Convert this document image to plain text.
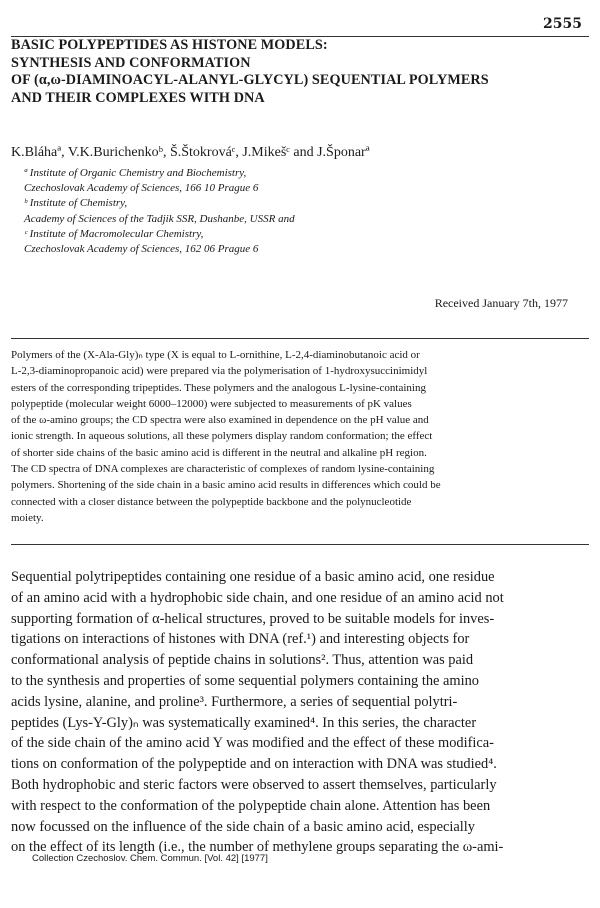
2555
BASIC POLYPEPTIDES AS HISTONE MODELS:
SYNTHESIS AND CONFORMATION
OF (α,ω-DIAMINOACYL-ALANYL-GLYCYL) SEQUENTIAL POLYMERS
AND THEIR COMPLEXES WITH DNA
K.Bláhaª, V.K.Burichenkoᵇ, Š.Štokrováᶜ, J.Mikešᶜ and J.Šponarª
ª Institute of Organic Chemistry and Biochemistry,
Czechoslovak Academy of Sciences, 166 10 Prague 6
ᵇ Institute of Chemistry,
Academy of Sciences of the Tadjik SSR, Dushanbe, USSR and
ᶜ Institute of Macromolecular Chemistry,
Czechoslovak Academy of Sciences, 162 06 Prague 6
Received January 7th, 1977
Polymers of the (X-Ala-Gly)ₙ type (X is equal to L-ornithine, L-2,4-diaminobutanoic acid or
L-2,3-diaminopropanoic acid) were prepared via the polymerisation of 1-hydroxysuccinimidyl
esters of the corresponding tripeptides. These polymers and the analogous L-lysine-containing
polypeptide (molecular weight 6000–12000) were subjected to measurements of pK values
of the ω-amino groups; the CD spectra were also examined in dependence on the pH value and
ionic strength. In aqueous solutions, all these polymers display random conformation; the effect
of shorter side chains of the basic amino acid is different in the neutral and alkaline pH region.
The CD spectra of DNA complexes are characteristic of complexes of random lysine-containing
polymers. Shortening of the side chain in a basic amino acid results in differences which could be
connected with a closer distance between the polypeptide backbone and the polynucleotide
moiety.
Sequential polytripeptides containing one residue of a basic amino acid, one residue
of an amino acid with a hydrophobic side chain, and one residue of an amino acid not
supporting formation of α-helical structures, proved to be suitable models for inves-
tigations on interactions of histones with DNA (ref.¹) and interesting objects for
conformational analysis of peptide chains in solutions². Thus, attention was paid
to the synthesis and properties of some sequential polymers containing the amino
acids lysine, alanine, and proline³. Furthermore, a series of sequential polytri-
peptides (Lys-Y-Gly)ₙ was systematically examined⁴. In this series, the character
of the side chain of the amino acid Y was modified and the effect of these modifica-
tions on conformation of the polypeptide and on interaction with DNA was studied⁴.
Both hydrophobic and steric factors were observed to assert themselves, particularly
with respect to the conformation of the polypeptide chain alone. Attention has been
now focussed on the influence of the side chain of a basic amino acid, especially
on the effect of its length (i.e., the number of methylene groups separating the ω-ami-
Collection Czechoslov. Chem. Commun. [Vol. 42] [1977]
